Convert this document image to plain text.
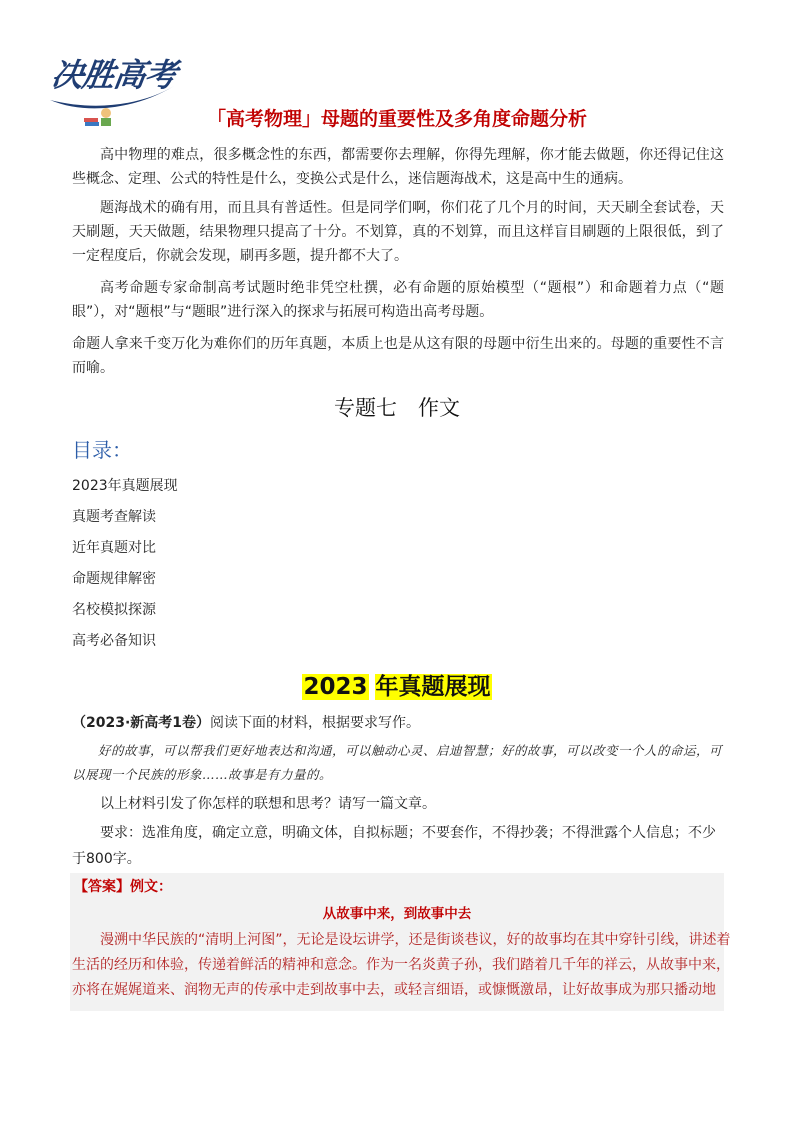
决胜高考
「高考物理」母题的重要性及多角度命题分析

高中物理的难点，很多概念性的东西，都需要你去理解，你得先理解，你才能去做题，你还得记住这些概念、定理、公式的特性是什么，变换公式是什么，迷信题海战术，这是高中生的通病。

题海战术的确有用，而且具有普适性。但是同学们啊，你们花了几个月的时间，天天刷全套试卷，天天刷题，天天做题，结果物理只提高了十分。不划算，真的不划算，而且这样盲目刷题的上限很低，到了一定程度后，你就会发现，刷再多题，提升都不大了。

高考命题专家命制高考试题时绝非凭空杜撰，必有命题的原始模型（“题根”）和命题着力点（“题眼”），对“题根”与“题眼”进行深入的探求与拓展可构造出高考母题。

命题人拿来千变万化为难你们的历年真题，本质上也是从这有限的母题中衍生出来的。母题的重要性不言而喻。

专题七　作文
目录：
2023年真题展现
真题考查解读
近年真题对比
命题规律解密
名校模拟探源
高考必备知识
2023 年真题展现
（2023·新高考1卷）阅读下面的材料，根据要求写作。

好的故事，可以帮我们更好地表达和沟通，可以触动心灵、启迪智慧；好的故事，可以改变一个人的命运，可以展现一个民族的形象……故事是有力量的。

以上材料引发了你怎样的联想和思考？请写一篇文章。

要求：选准角度，确定立意，明确文体，自拟标题；不要套作，不得抄袭；不得泄露个人信息；不少于800字。

【答案】例文：
从故事中来，到故事中去

漫溯中华民族的“清明上河图”，无论是设坛讲学，还是街谈巷议，好的故事均在其中穿针引线，讲述着生活的经历和体验，传递着鲜活的精神和意念。作为一名炎黄子孙，我们踏着几千年的祥云，从故事中来，亦将在娓娓道来、润物无声的传承中走到故事中去，或轻言细语，或慷慨激昂，让好故事成为那只播动地
